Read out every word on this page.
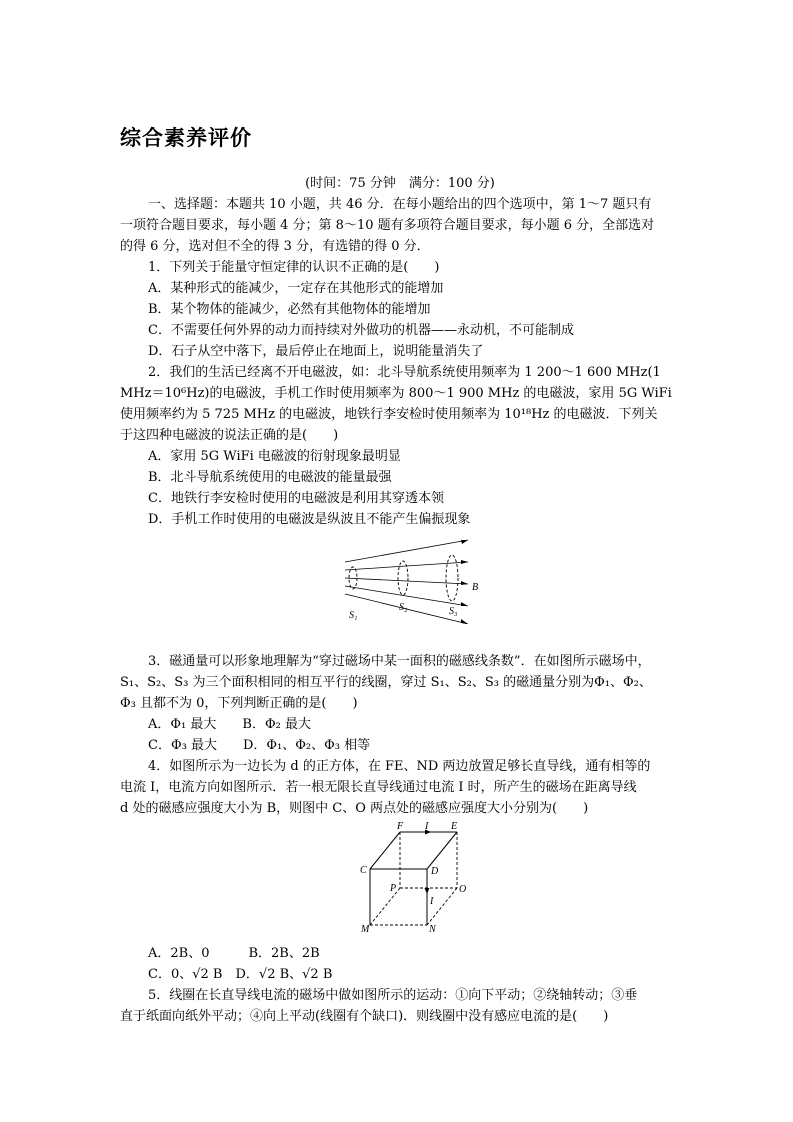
综合素养评价
(时间：75 分钟　满分：100 分)
一、选择题：本题共 10 小题，共 46 分．在每小题给出的四个选项中，第 1～7 题只有
一项符合题目要求，每小题 4 分；第 8～10 题有多项符合题目要求，每小题 6 分，全部选对
的得 6 分，选对但不全的得 3 分，有选错的得 0 分．
1．下列关于能量守恒定律的认识不正确的是(　　)
A．某种形式的能减少，一定存在其他形式的能增加
B．某个物体的能减少，必然有其他物体的能增加
C．不需要任何外界的动力而持续对外做功的机器——永动机，不可能制成
D．石子从空中落下，最后停止在地面上，说明能量消失了
2．我们的生活已经离不开电磁波，如：北斗导航系统使用频率为 1 200～1 600 MHz(1
MHz＝10⁶Hz)的电磁波，手机工作时使用频率为 800～1 900 MHz 的电磁波，家用 5G WiFi
使用频率约为 5 725 MHz 的电磁波，地铁行李安检时使用频率为 10¹⁸Hz 的电磁波．下列关
于这四种电磁波的说法正确的是(　　)
A．家用 5G WiFi 电磁波的衍射现象最明显
B．北斗导航系统使用的电磁波的能量最强
C．地铁行李安检时使用的电磁波是利用其穿透本领
D．手机工作时使用的电磁波是纵波且不能产生偏振现象
B
S₁
S₂	S₃
3．磁通量可以形象地理解为“穿过磁场中某一面积的磁感线条数”．在如图所示磁场中，
S₁、S₂、S₃ 为三个面积相同的相互平行的线圈，穿过 S₁、S₂、S₃ 的磁通量分别为Φ₁、Φ₂、
Φ₃ 且都不为 0，下列判断正确的是(　　)
A．Φ₁ 最大　　B．Φ₂ 最大
C．Φ₃ 最大　　D．Φ₁、Φ₂、Φ₃ 相等
4．如图所示为一边长为 d 的正方体，在 FE、ND 两边放置足够长直导线，通有相等的
电流 I，电流方向如图所示．若一根无限长直导线通过电流 I 时，所产生的磁场在距离导线
d 处的磁感应强度大小为 B，则图中 C、O 两点处的磁感应强度大小分别为(　　)
F I E
C	D
P	O
I
M	N
A．2B、0　　　B．2B、2B
C．0、√2 B　 D．√2 B、√2 B
5．线圈在长直导线电流的磁场中做如图所示的运动：①向下平动；②绕轴转动；③垂
直于纸面向纸外平动；④向上平动(线圈有个缺口)．则线圈中没有感应电流的是(　　)
